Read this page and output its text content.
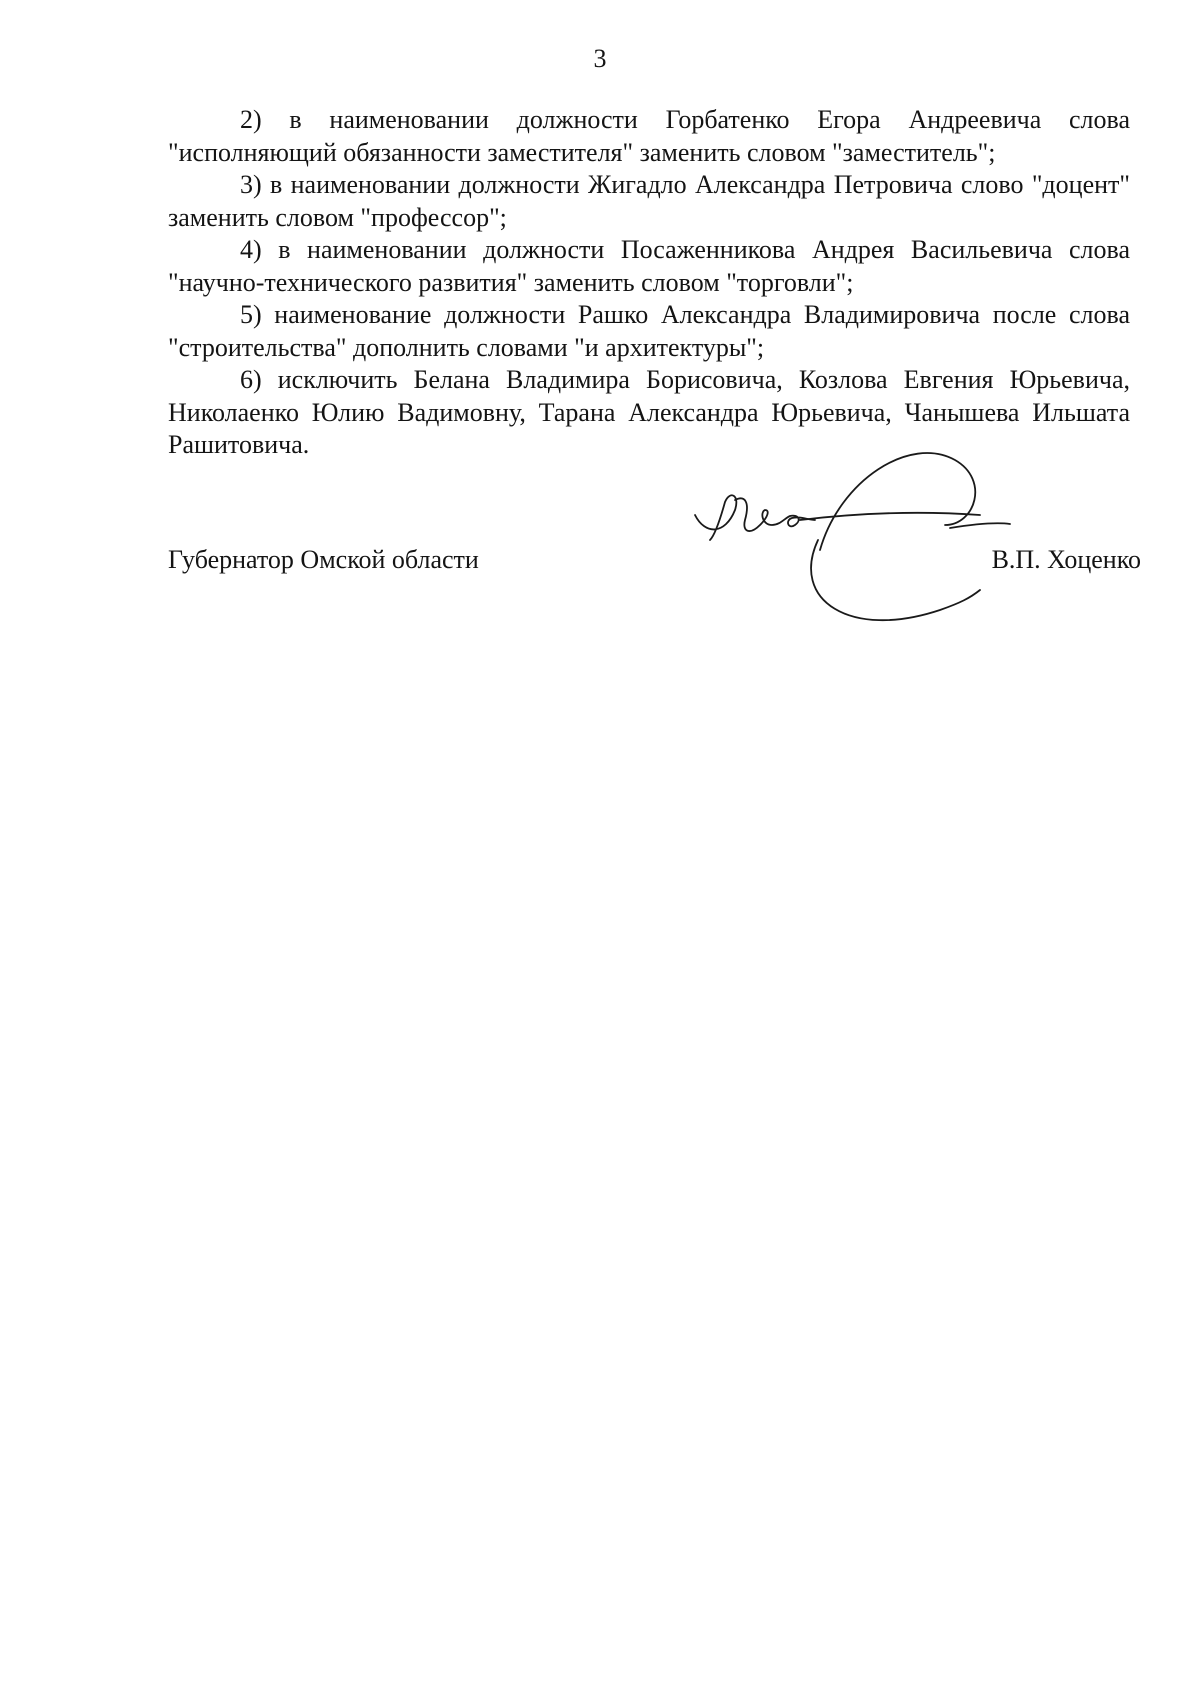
3

2) в наименовании должности Горбатенко Егора Андреевича слова "исполняющий обязанности заместителя" заменить словом "заместитель";

3) в наименовании должности Жигадло Александра Петровича слово "доцент" заменить словом "профессор";

4) в наименовании должности Посаженникова Андрея Васильевича слова "научно-технического развития" заменить словом "торговли";

5) наименование должности Рашко Александра Владимировича после слова "строительства" дополнить словами "и архитектуры";

6) исключить Белана Владимира Борисовича, Козлова Евгения Юрьевича, Николаенко Юлию Вадимовну, Тарана Александра Юрьевича, Чанышева Ильшата Рашитовича.

Губернатор Омской области	В.П. Хоценко
